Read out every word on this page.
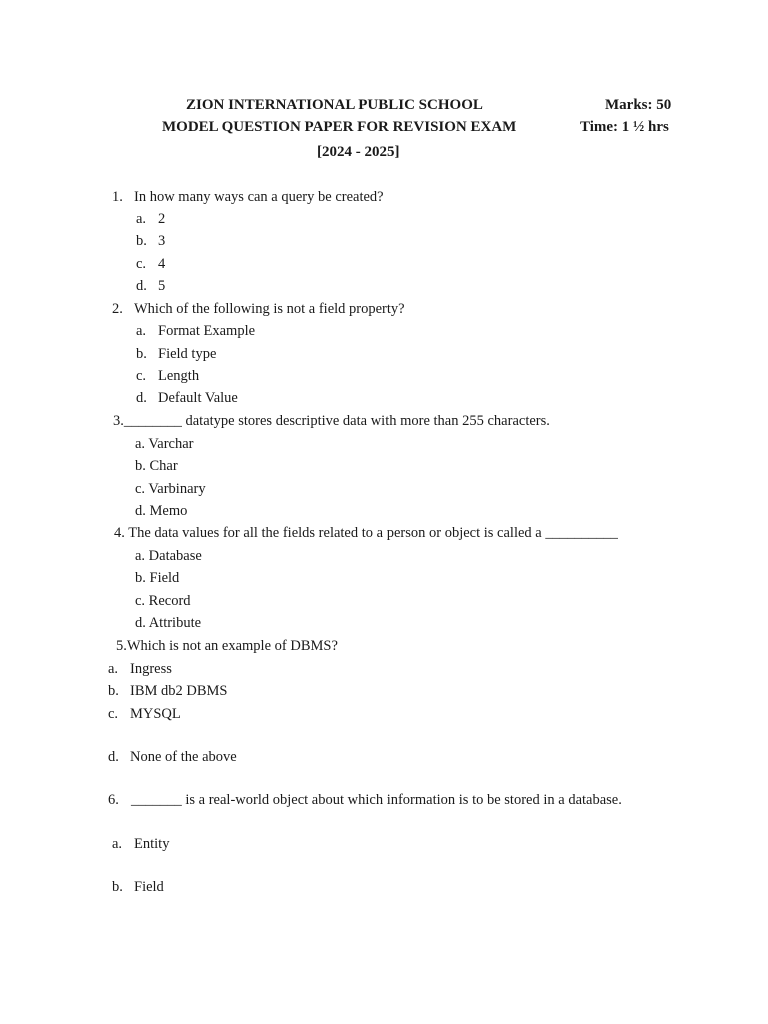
ZION INTERNATIONAL PUBLIC SCHOOL	Marks: 50
MODEL QUESTION PAPER FOR REVISION EXAM	Time: 1 ½ hrs
[2024 - 2025]
1. In how many ways can a query be created?
a. 2
b. 3
c. 4
d. 5
2. Which of the following is not a field property?
a. Format Example
b. Field type
c. Length
d. Default Value
3.________ datatype stores descriptive data with more than 255 characters.
a. Varchar
b. Char
c. Varbinary
d. Memo
4. The data values for all the fields related to a person or object is called a __________
a. Database
b. Field
c. Record
d. Attribute
5.Which is not an example of DBMS?
a. Ingress
b. IBM db2 DBMS
c. MYSQL
d. None of the above
6. _______ is a real-world object about which information is to be stored in a database.
a. Entity
b. Field
